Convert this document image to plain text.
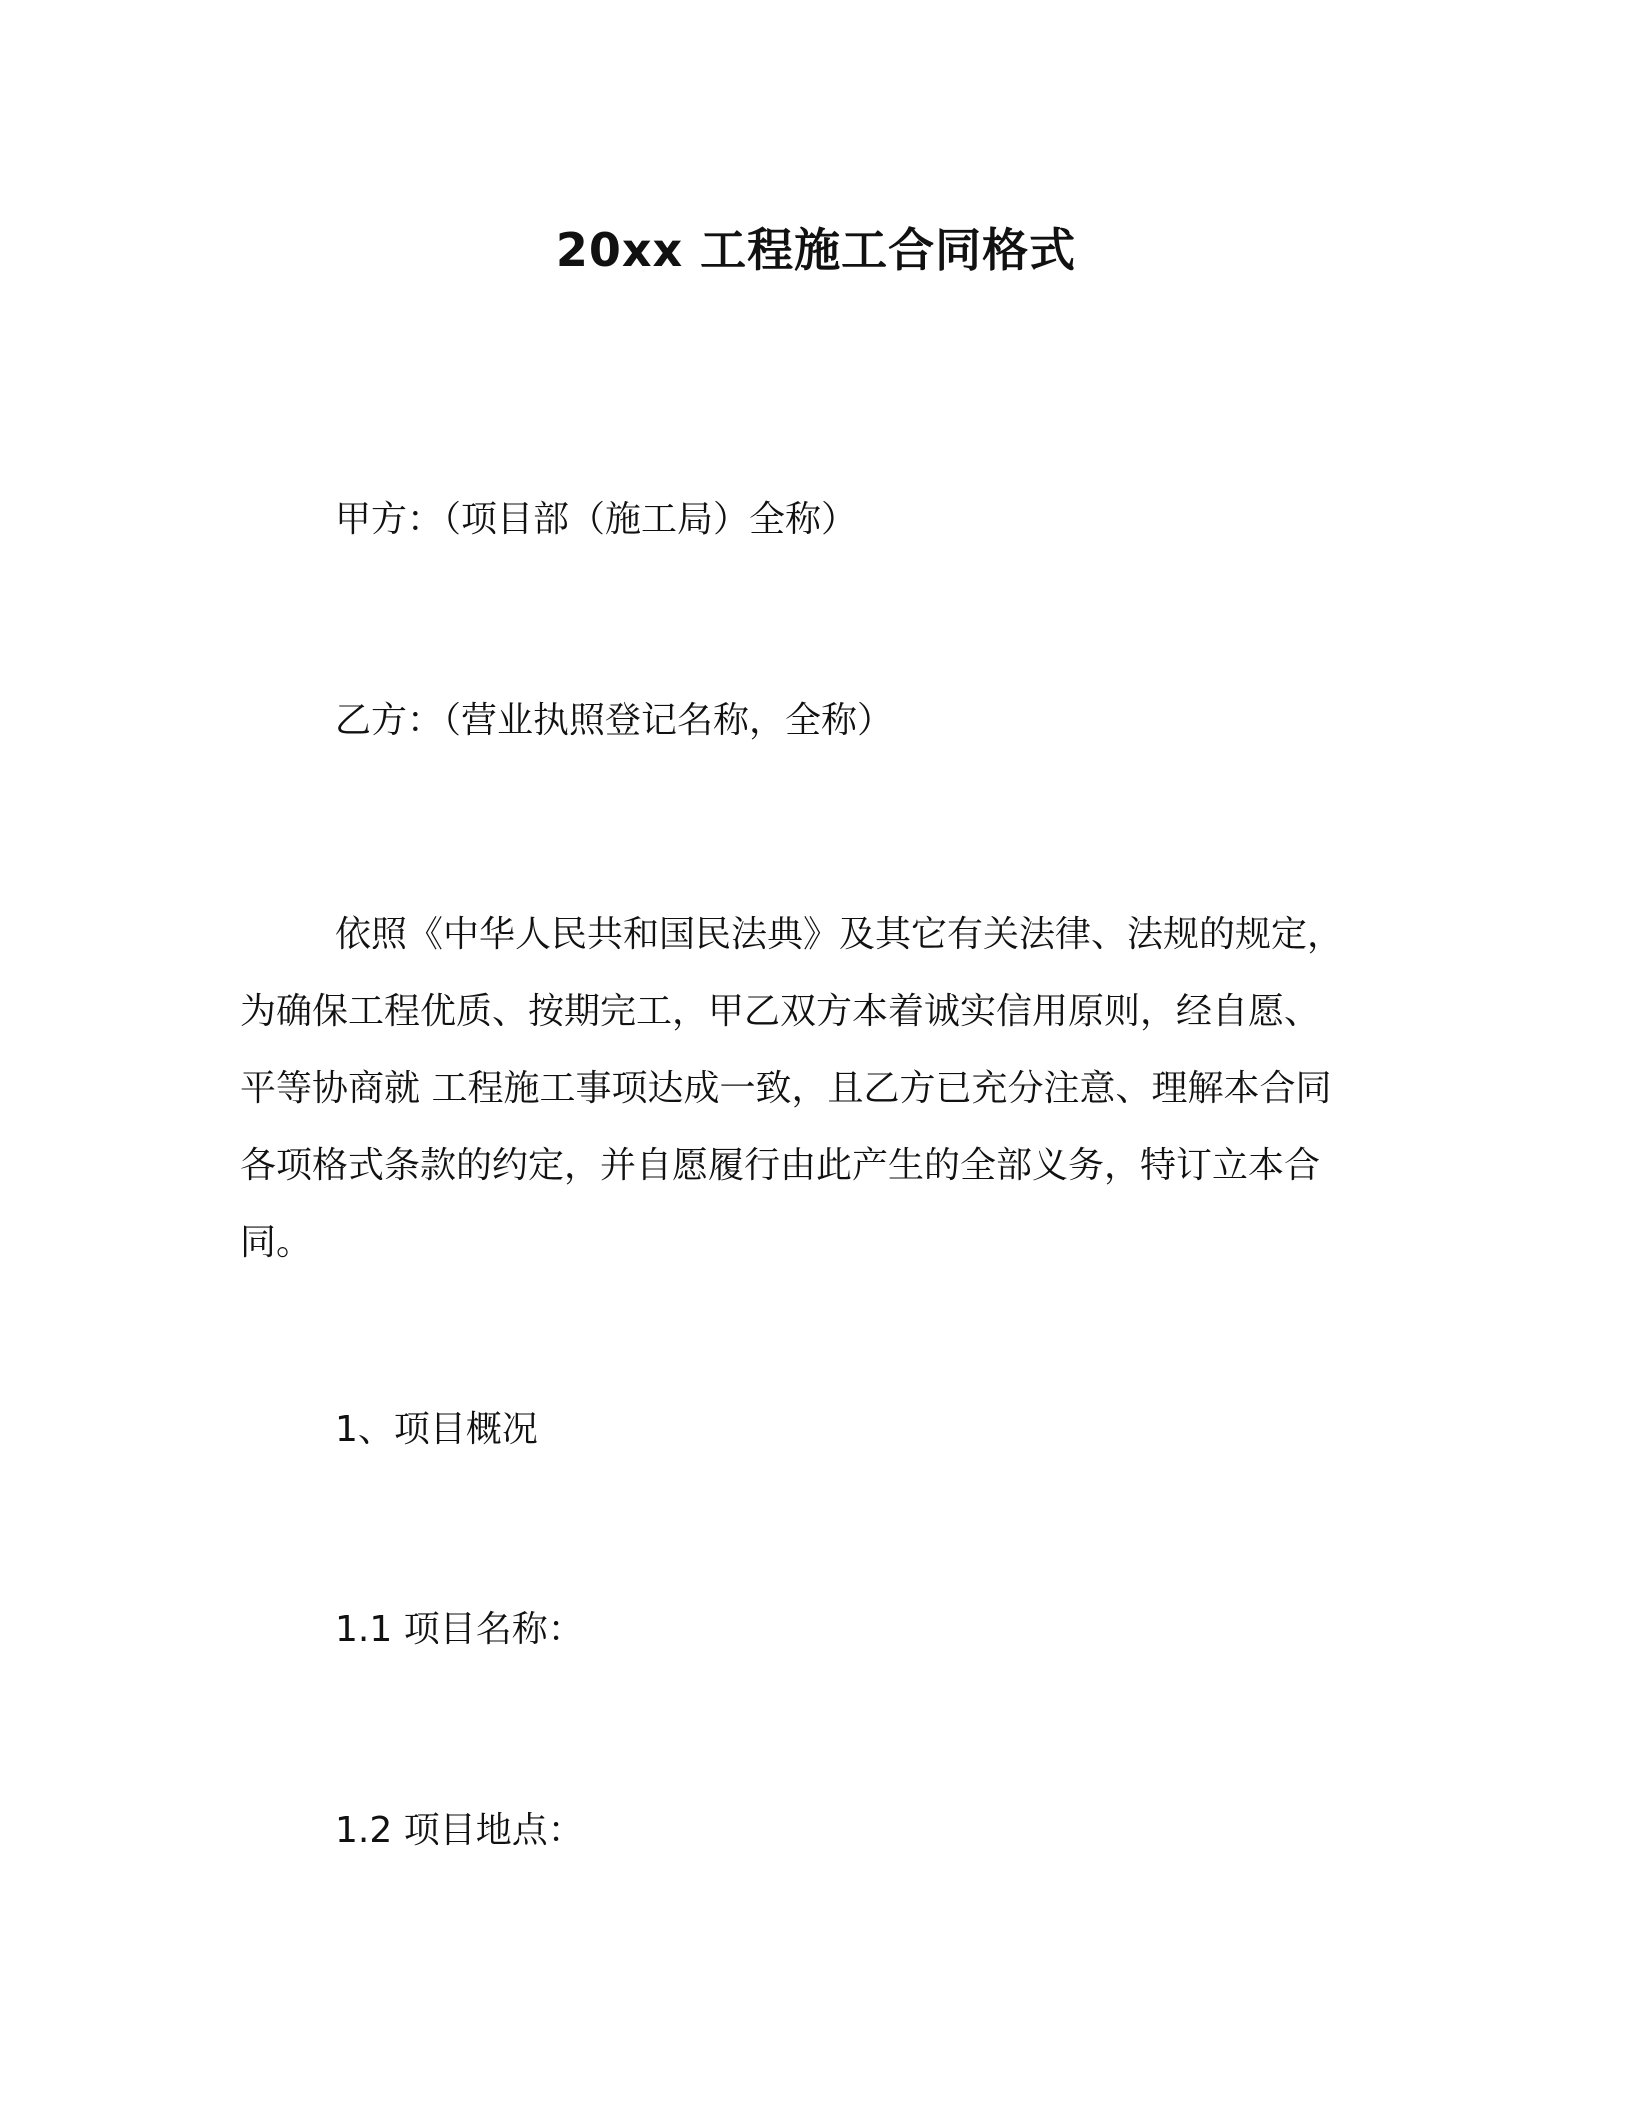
20xx 工程施工合同格式
甲方：（项目部（施工局）全称）
乙方：（营业执照登记名称，全称）
依照《中华人民共和国民法典》及其它有关法律、法规的规定，
为确保工程优质、按期完工，甲乙双方本着诚实信用原则，经自愿、
平等协商就 工程施工事项达成一致，且乙方已充分注意、理解本合同
各项格式条款的约定，并自愿履行由此产生的全部义务，特订立本合
同。
1、项目概况
1.1 项目名称：
1.2 项目地点：
